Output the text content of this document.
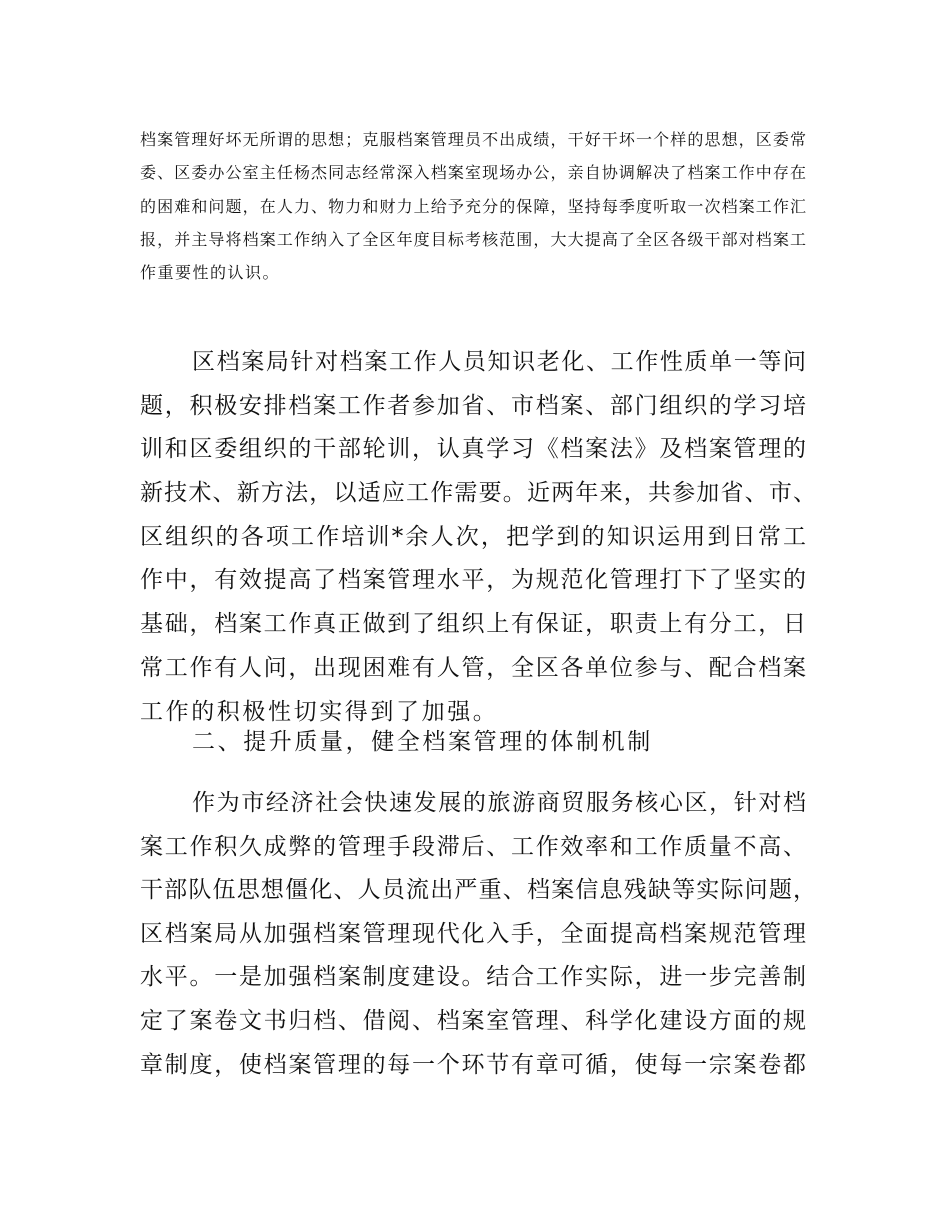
档案管理好坏无所谓的思想；克服档案管理员不出成绩，干好干坏一个样的思想，区委常
委、区委办公室主任杨杰同志经常深入档案室现场办公，亲自协调解决了档案工作中存在
的困难和问题，在人力、物力和财力上给予充分的保障，坚持每季度听取一次档案工作汇
报，并主导将档案工作纳入了全区年度目标考核范围，大大提高了全区各级干部对档案工
作重要性的认识。
区档案局针对档案工作人员知识老化、工作性质单一等问
题，积极安排档案工作者参加省、市档案、部门组织的学习培
训和区委组织的干部轮训，认真学习《档案法》及档案管理的
新技术、新方法，以适应工作需要。近两年来，共参加省、市、
区组织的各项工作培训*余人次，把学到的知识运用到日常工
作中，有效提高了档案管理水平，为规范化管理打下了坚实的
基础，档案工作真正做到了组织上有保证，职责上有分工，日
常工作有人问，出现困难有人管，全区各单位参与、配合档案
工作的积极性切实得到了加强。
二、提升质量，健全档案管理的体制机制
作为市经济社会快速发展的旅游商贸服务核心区，针对档
案工作积久成弊的管理手段滞后、工作效率和工作质量不高、
干部队伍思想僵化、人员流出严重、档案信息残缺等实际问题，
区档案局从加强档案管理现代化入手，全面提高档案规范管理
水平。一是加强档案制度建设。结合工作实际，进一步完善制
定了案卷文书归档、借阅、档案室管理、科学化建设方面的规
章制度，使档案管理的每一个环节有章可循，使每一宗案卷都
